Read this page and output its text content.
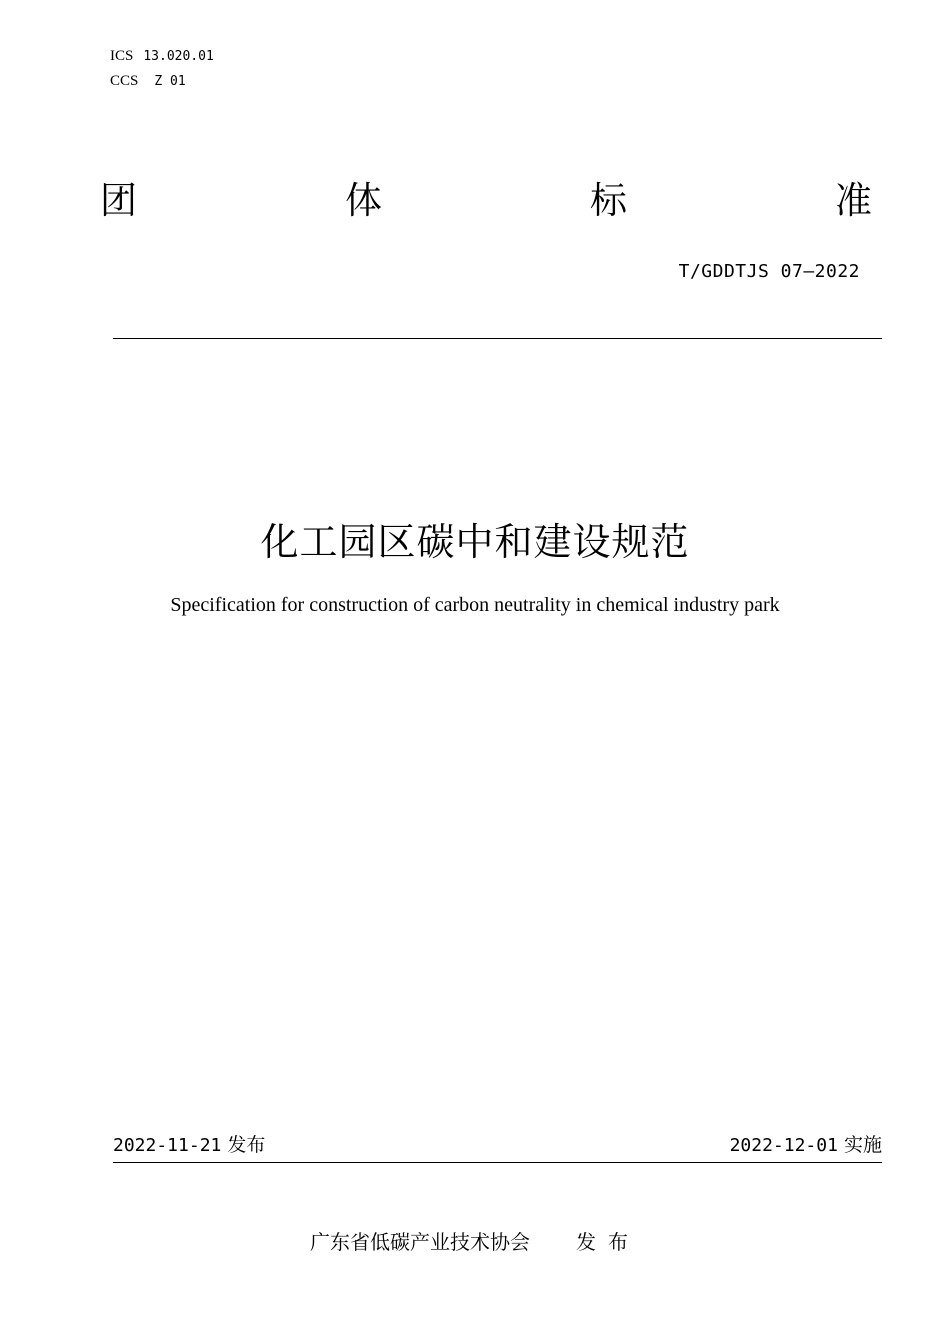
ICS 13.020.01
CCS Z 01
团	体	标	准
T/GDDTJS 07—2022
化工园区碳中和建设规范
Specification for construction of carbon neutrality in chemical industry park
2022-11-21 发布	2022-12-01 实施
广东省低碳产业技术协会 发布
